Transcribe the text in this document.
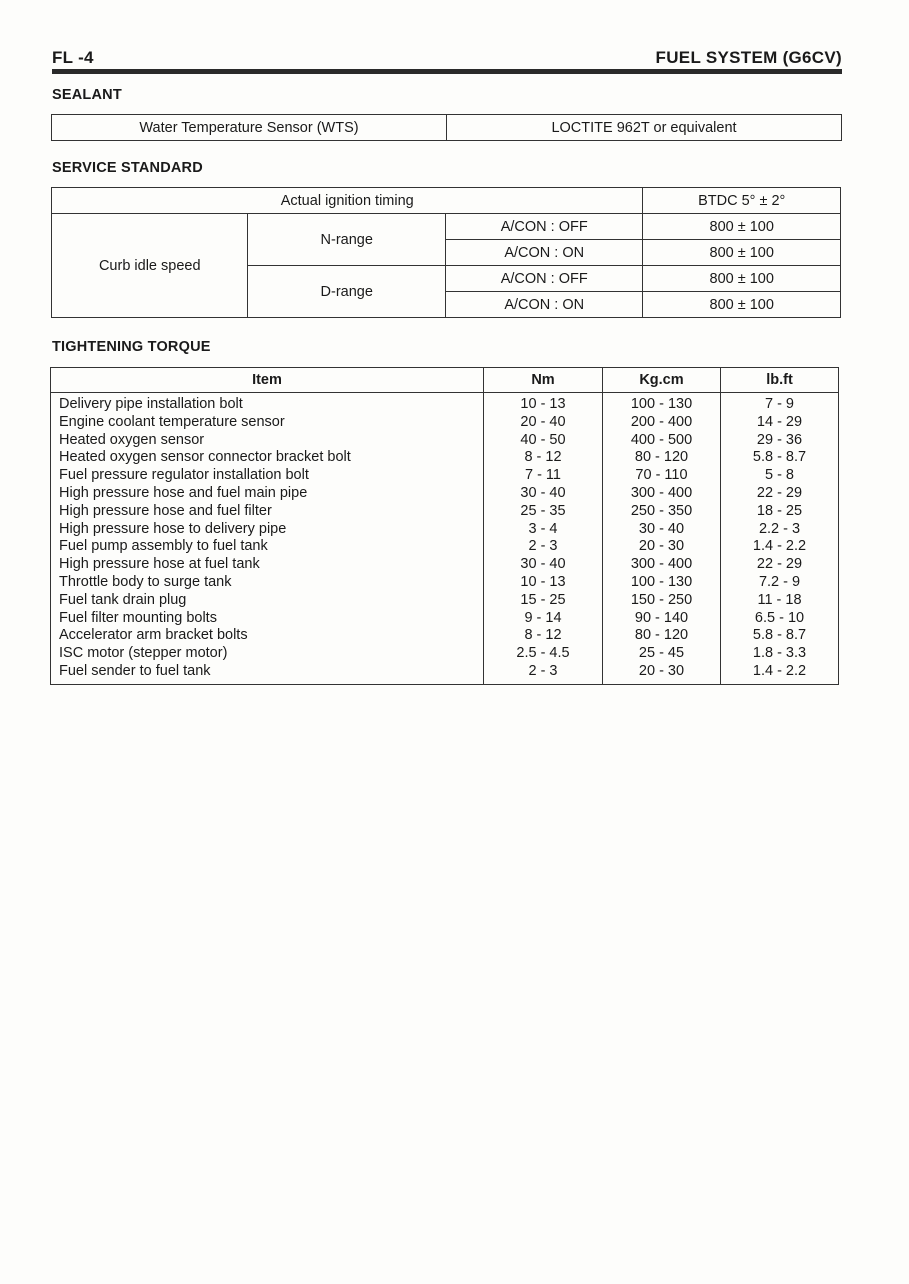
FL -4	FUEL SYSTEM (G6CV)
SEALANT
Water Temperature Sensor (WTS)	LOCTITE 962T or equivalent
SERVICE STANDARD
Actual ignition timing			BTDC 5° ± 2°
Curb idle speed	N-range	A/CON : OFF	800 ± 100
		A/CON : ON	800 ± 100
	D-range	A/CON : OFF	800 ± 100
		A/CON : ON	800 ± 100
TIGHTENING TORQUE
Item	Nm	Kg.cm	lb.ft
Delivery pipe installation bolt	10 - 13	100 - 130	7 - 9
Engine coolant temperature sensor	20 - 40	200 - 400	14 - 29
Heated oxygen sensor	40 - 50	400 - 500	29 - 36
Heated oxygen sensor connector bracket bolt	8 - 12	80 - 120	5.8 - 8.7
Fuel pressure regulator installation bolt	7 - 11	70 - 110	5 - 8
High pressure hose and fuel main pipe	30 - 40	300 - 400	22 - 29
High pressure hose and fuel filter	25 - 35	250 - 350	18 - 25
High pressure hose to delivery pipe	3 - 4	30 - 40	2.2 - 3
Fuel pump assembly to fuel tank	2 - 3	20 - 30	1.4 - 2.2
High pressure hose at fuel tank	30 - 40	300 - 400	22 - 29
Throttle body to surge tank	10 - 13	100 - 130	7.2 - 9
Fuel tank drain plug	15 - 25	150 - 250	11 - 18
Fuel filter mounting bolts	9 - 14	90 - 140	6.5 - 10
Accelerator arm bracket bolts	8 - 12	80 - 120	5.8 - 8.7
ISC motor (stepper motor)	2.5 - 4.5	25 - 45	1.8 - 3.3
Fuel sender to fuel tank	2 - 3	20 - 30	1.4 - 2.2
